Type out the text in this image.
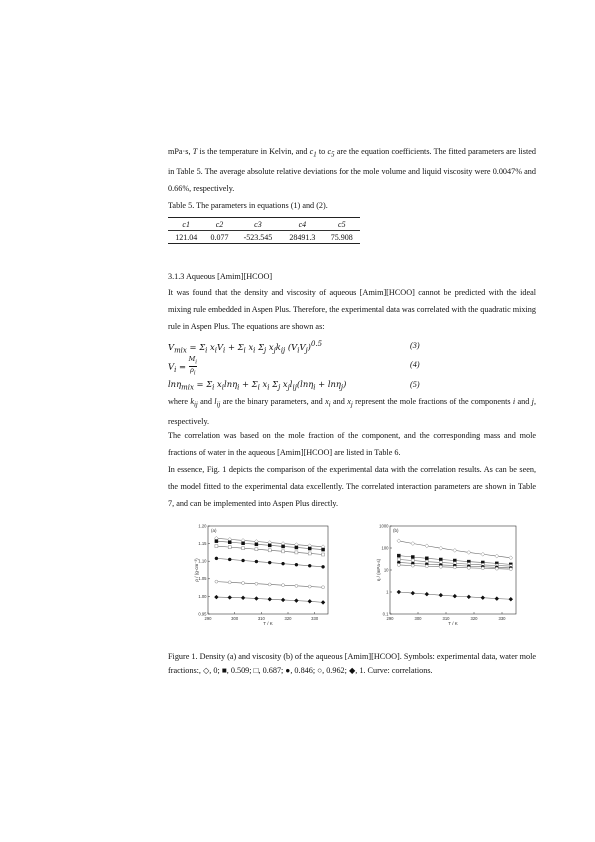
mPa·s, T is the temperature in Kelvin, and $c_1$ to $c_5$ are the equation coefficients. The fitted parameters are listed in Table 5. The average absolute relative deviations for the mole volume and liquid viscosity were 0.0047% and 0.66%, respectively.

Table 5. The parameters in equations (1) and (2).
c1	c2	c3	c4	c5
121.04	0.077	-523.545	28491.3	75.908
3.1.3 Aqueous [Amim][HCOO]

It was found that the density and viscosity of aqueous [Amim][HCOO] cannot be predicted with the ideal mixing rule embedded in Aspen Plus. Therefore, the experimental data was correlated with the quadratic mixing rule in Aspen Plus. The equations are shown as:

$V_{mix} = \Sigma_i$ $x_iV_i + \Sigma_i$ $x_i$ $\Sigma_j$ $x_jk_{ij}$ $(V_iV_j)^{0.5}$	(3)
$V_i = \frac{M_i}{\rho_i}$	(4)
$\ln\eta_{mix} = \Sigma_i$ $x_i\ln\eta_i + \Sigma_i$ $x_i$ $\Sigma_j$ $x_jl_{ij}(\ln\eta_i + \ln\eta_j)$	(5)

where $k_{ij}$ and $l_{ij}$ are the binary parameters, and $x_i$ and $x_j$ represent the mole fractions of the components i and j, respectively.

The correlation was based on the mole fraction of the component, and the corresponding mass and mole fractions of water in the aqueous [Amim][HCOO] are listed in Table 6.

In essence, Fig. 1 depicts the comparison of the experimental data with the correlation results. As can be seen, the model fitted to the experimental data excellently. The correlated interaction parameters are shown in Table 7, and can be implemented into Aspen Plus directly.

(a)
290	300	310	320	330
0.95
1.00
1.05
1.10
1.15
1.20
T / K
ρ / (g·cm⁻³)
(b)
290	300	310	320	330
0.1
1
10
100
1000
T / K
η / (mPa·s)

Figure 1. Density (a) and viscosity (b) of the aqueous [Amim][HCOO]. Symbols: experimental data, water mole fractions:, ◇, 0; ■, 0.509; □, 0.687; ●, 0.846; ○, 0.962; ◆, 1. Curve: correlations.
